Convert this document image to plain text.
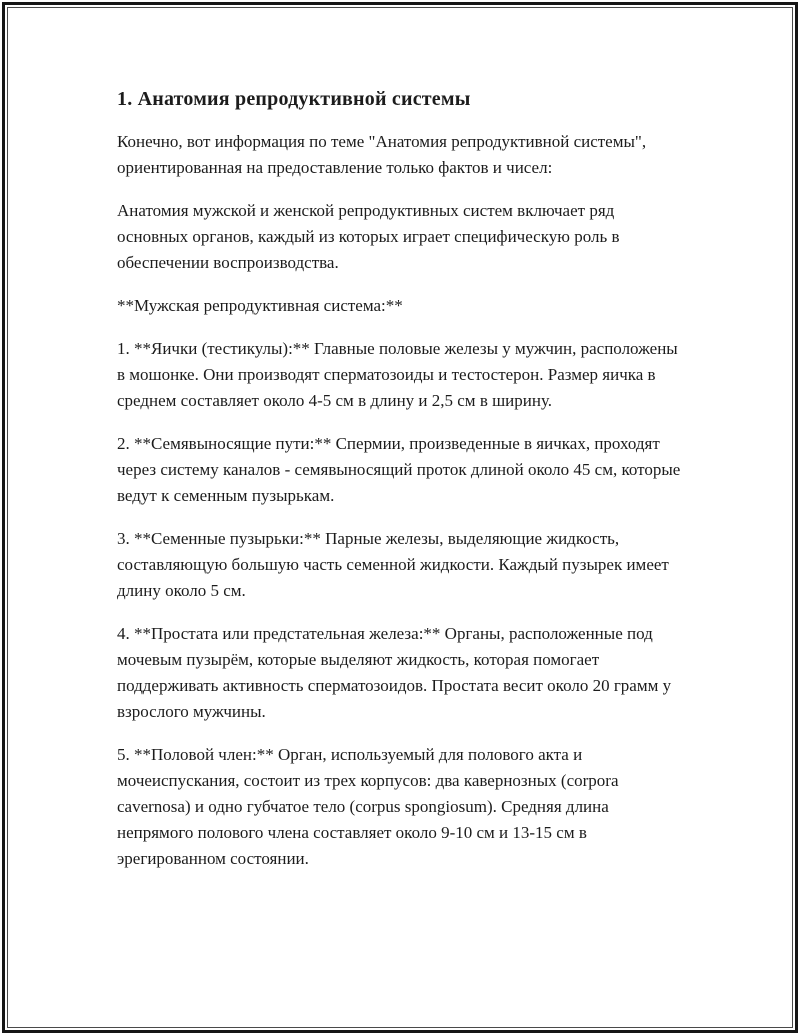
1. Анатомия репродуктивной системы

Конечно, вот информация по теме "Анатомия репродуктивной системы", ориентированная на предоставление только фактов и чисел:

Анатомия мужской и женской репродуктивных систем включает ряд основных органов, каждый из которых играет специфическую роль в обеспечении воспроизводства.

**Мужская репродуктивная система:**

1. **Яички (тестикулы):** Главные половые железы у мужчин, расположены в мошонке. Они производят сперматозоиды и тестостерон. Размер яичка в среднем составляет около 4-5 см в длину и 2,5 см в ширину.

2. **Семявыносящие пути:** Спермии, произведенные в яичках, проходят через систему каналов - семявыносящий проток длиной около 45 см, которые ведут к семенным пузырькам.

3. **Семенные пузырьки:** Парные железы, выделяющие жидкость, составляющую большую часть семенной жидкости. Каждый пузырек имеет длину около 5 см.

4. **Простата или предстательная железа:** Органы, расположенные под мочевым пузырём, которые выделяют жидкость, которая помогает поддерживать активность сперматозоидов. Простата весит около 20 грамм у взрослого мужчины.

5. **Половой член:** Орган, используемый для полового акта и мочеиспускания, состоит из трех корпусов: два кавернозных (corpora cavernosa) и одно губчатое тело (corpus spongiosum). Средняя длина непрямого полового члена составляет около 9-10 см и 13-15 см в эрегированном состоянии.
